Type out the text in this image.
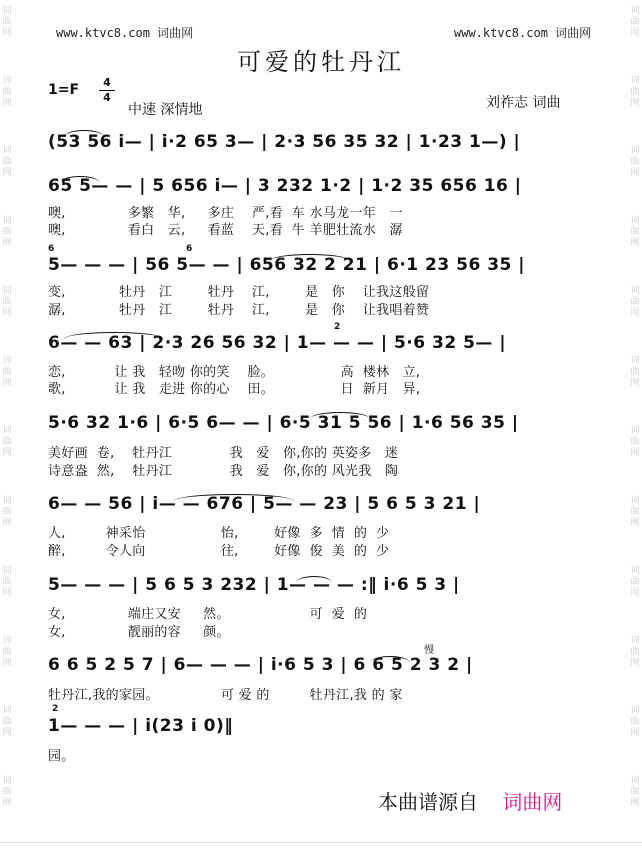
词
曲
网
词
曲
网
词
曲
网
词
曲
网
词
曲
网
词
曲
网
词
曲
网
词
曲
网
词
曲
网
词
曲
网
词
曲
网
词
曲
网
词
曲
网
词
曲
网
词
曲
网
词
曲
网
词
曲
网
词
曲
网
词
曲
网
词
曲
网
词
曲
网
词
曲
网
词
曲
网
词
曲
网
www.ktvc8.com 词曲网	www.ktvc8.com 词曲网
可爱的牡丹江
1=F	4
4
中速 深情地	刘祚志 词曲
(53 56 i— | i·2 65 3— | 2·3 56 35 32 | 1·23 1—) |
65 5— — | 5 656 i— | 3 232 1·2 | 1·2 35 656 16 |
噢,              多繁   华,     多庄    严,看  车 水马龙一年   一
噢,              看白   云,     看蓝    天,看  牛 羊肥壮流水   潺
6	6
5— — — | 56 5— — | 656 32 2 21 | 6·1 23 56 35 |
变,            牡丹   江        牡丹    江,        是   你    让我这般留
潺,            牡丹   江        牡丹    江,        是   你    让我唱着赞
2
6— — 63 | 2·3 26 56 32 | 1— — — | 5·6 32 5— |
恋,           让 我   轻吻 你的笑    脸。               高  楼林   立,
歌,           让 我   走进 你的心    田。               日  新月   异,
5·6 32 1·6 | 6·5 6— — | 6·5 31 5 56 | 1·6 56 35 |
美好画  卷,    牡丹江             我   爱   你,你的 英姿多   迷
诗意盎  然,    牡丹江             我   爱   你,你的 风光我   陶
6— — 56 | i— — 676 | 5— — 23 | 5 6 5 3 21 |
人,         神采怡                 怡,        好像  多  情  的  少
醉,         令人向                 往,        好像  俊  美  的  少
5— — — | 5 6 5 3 232 | 1— — — :‖ i·6 5 3 |
女,              端庄又安     然。                  可  爱  的
女,              靓丽的容     颜。
慢
6 6 5 2 5 7 | 6— — — | i·6 5 3 | 6 6 5 2 3 2 |
牡丹江,我的家园。              可 爱 的         牡丹江,我 的 家
2
1— — — | i(23 i 0)‖
园。
本曲谱源自 词曲网
